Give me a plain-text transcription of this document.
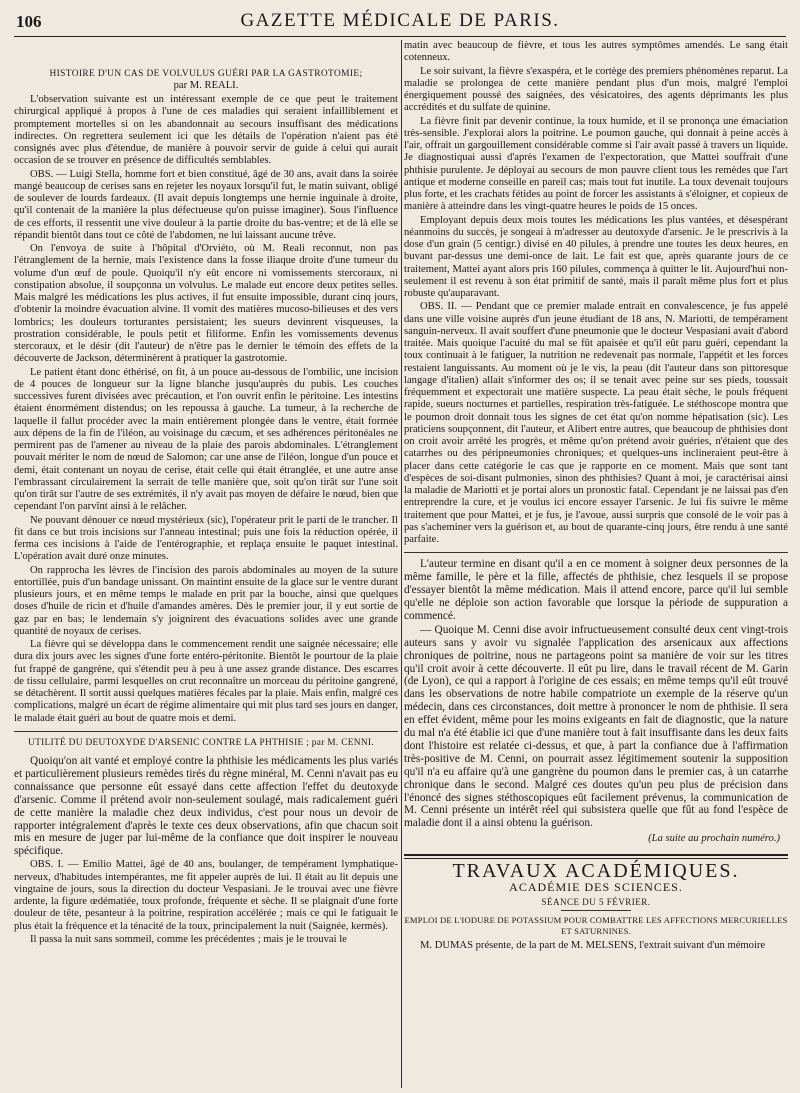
106	GAZETTE MÉDICALE DE PARIS.
HISTOIRE D'UN CAS DE VOLVULUS GUÉRI PAR LA GASTROTOMIE;
par M. REALI.

L'observation suivante est un intéressant exemple de ce que peut le traitement chirurgical appliqué à propos à l'une de ces maladies qui seraient infailliblement et promptement mortelles si on les abandonnait au secours insuffisant des médications indirectes. On regrettera seulement ici que les détails de l'opération n'aient pas été consignés avec plus d'étendue, de manière à pouvoir servir de guide à celui qui aurait occasion de se trouver en présence de difficultés semblables.

OBS. — Luigi Stella, homme fort et bien constitué, âgé de 30 ans, avait dans la soirée mangé beaucoup de cerises sans en rejeter les noyaux lorsqu'il fut, le matin suivant, obligé de soulever de lourds fardeaux. (Il avait depuis longtemps une hernie inguinale à droite, qu'il contenait de la manière la plus défectueuse qu'on puisse imaginer). Sous l'influence de ces efforts, il ressentit une vive douleur à la partie droite du bas-ventre; et de là elle se répandit bientôt dans tout ce côté de l'abdomen, ne lui laissant aucune trêve.

On l'envoya de suite à l'hôpital d'Orviéto, où M. Reali reconnut, non pas l'étranglement de la hernie, mais l'existence dans la fosse iliaque droite d'une tumeur du volume d'un œuf de poule. Quoiqu'il n'y eût encore ni vomissements stercoraux, ni constipation absolue, il soupçonna un volvulus. Le malade eut encore deux petites selles. Mais malgré les médications les plus actives, il fut ensuite impossible, durant cinq jours, d'obtenir la moindre évacuation alvine. Il vomit des matières mucoso-bilieuses et des vers lombrics; les douleurs torturantes persistaient; les sueurs devinrent visqueuses, la prostration considérable, le pouls petit et filiforme. Enfin les vomissements devenus stercoraux, et le désir (dit l'auteur) de n'être pas le dernier le témoin des effets de la découverte de Jackson, déterminèrent à pratiquer la gastrotomie.

Le patient étant donc éthérisé, on fit, à un pouce au-dessous de l'ombilic, une incision de 4 pouces de longueur sur la ligne blanche jusqu'auprès du pubis. Les couches successives furent divisées avec précaution, et l'on ouvrit enfin le péritoine. Les intestins étaient énormément distendus; on les repoussa à gauche. La tumeur, à la recherche de laquelle il fallut procéder avec la main entièrement plongée dans le ventre, était formée aux dépens de la fin de l'iléon, au voisinage du cæcum, et ses adhérences péritonéales ne permirent pas de l'amener au niveau de la plaie des parois abdominales. L'étranglement pouvait mériter le nom de nœud de Salomon; car une anse de l'iléon, longue d'un pouce et demi, était contenant un noyau de cerise, était celle qui était étranglée, et une autre anse l'embrassant circulairement la serrait de telle manière que, soit qu'on tirât sur l'une soit qu'on tirât sur l'autre de ses extrémités, il n'y avait pas moyen de défaire le nœud, bien que cependant l'on parvînt ainsi à le relâcher.

Ne pouvant dénouer ce nœud mystérieux (sic), l'opérateur prit le parti de le trancher. Il fit dans ce but trois incisions sur l'anneau intestinal; puis une fois la réduction opérée, il ferma ces incisions à l'aide de l'entérographie, et replaça ensuite le paquet intestinal. L'opération avait duré onze minutes.

On rapprocha les lèvres de l'incision des parois abdominales au moyen de la suture entortillée, puis d'un bandage unissant. On maintint ensuite de la glace sur le ventre durant plusieurs jours, et en même temps le malade en prit par la bouche, ainsi que quelques doses d'huile de ricin et d'huile d'amandes amères. Dès le premier jour, il y eut sortie de gaz par en bas; le lendemain s'y joignirent des évacuations solides avec une grande quantité de noyaux de cerises.

La fièvre qui se développa dans le commencement rendit une saignée nécessaire; elle dura dix jours avec les signes d'une forte entéro-péritonite. Bientôt le pourtour de la plaie fut frappé de gangrène, qui s'étendit peu à peu à une assez grande distance. Des escarres de tissu cellulaire, parmi lesquelles on crut reconnaître un morceau du péritoine gangrené, se détachèrent. Il sortit aussi quelques matières fécales par la plaie. Mais enfin, malgré ces complications, malgré un écart de régime alimentaire qui mit plus tard ses jours en danger, le malade était guéri au bout de quatre mois et demi.

UTILITÉ DU DEUTOXYDE D'ARSENIC CONTRE LA PHTHISIE ; par M. CENNI.

Quoiqu'on ait vanté et employé contre la phthisie les médicaments les plus variés et particulièrement plusieurs remèdes tirés du règne minéral, M. Cenni n'avait pas eu connaissance que personne eût essayé dans cette affection l'effet du deutoxyde d'arsenic. Comme il prétend avoir non-seulement soulagé, mais radicalement guéri de cette manière la maladie chez deux individus, c'est pour nous un devoir de rapporter intégralement d'après le texte ces deux observations, afin que chacun soit mis en mesure de juger par lui-même de la confiance que doit inspirer le nouveau spécifique.

OBS. I. — Emilio Mattei, âgé de 40 ans, boulanger, de tempérament lymphatique-nerveux, d'habitudes intempérantes, me fit appeler auprès de lui. Il était au lit depuis une vingtaine de jours, sous la direction du docteur Vespasiani. Je le trouvai avec une fièvre ardente, la figure œdématiée, toux profonde, fréquente et sèche. Il se plaignait d'une forte douleur de tête, pesanteur à la poitrine, respiration accélérée ; mais ce qui le fatiguait le plus était la fréquence et la ténacité de la toux, principalement la nuit (Saignée, kermès).

Il passa la nuit sans sommeil, comme les précédentes ; mais je le trouvai le

matin avec beaucoup de fièvre, et tous les autres symptômes amendés. Le sang était cotenneux.

Le soir suivant, la fièvre s'exaspéra, et le cortège des premiers phénomènes reparut. La maladie se prolongea de cette manière pendant plus d'un mois, malgré l'emploi énergiquement poussé des saignées, des vésicatoires, des agents déprimants les plus accrédités et du sulfate de quinine.

La fièvre finit par devenir continue, la toux humide, et il se prononça une émaciation très-sensible. J'explorai alors la poitrine. Le poumon gauche, qui donnait à peine accès à l'air, offrait un gargouillement considérable comme si l'air avait passé à travers un liquide. Je diagnostiquai aussi d'après l'examen de l'expectoration, que Mattei souffrait d'une phthisie purulente. Je déployai au secours de mon pauvre client tous les remèdes que l'art antique et moderne conseille en pareil cas; mais tout fut inutile. La toux devenait toujours plus forte, et les crachats fétides au point de forcer les assistants à s'éloigner, et copieux de manière à atteindre dans les vingt-quatre heures le poids de 15 onces.

Employant depuis deux mois toutes les médications les plus vantées, et désespérant néanmoins du succès, je songeai à m'adresser au deutoxyde d'arsenic. Je le prescrivis à la dose d'un grain (5 centigr.) divisé en 40 pilules, à prendre une toutes les deux heures, en buvant par-dessus une demi-once de lait. Le fait est que, après quarante jours de ce traitement, Mattei ayant alors pris 160 pilules, commença à quitter le lit. Aujourd'hui non-seulement il est revenu à son état primitif de santé, mais il paraît même plus fort et plus robuste qu'auparavant.

OBS. II. — Pendant que ce premier malade entrait en convalescence, je fus appelé dans une ville voisine auprès d'un jeune étudiant de 18 ans, N. Mariotti, de tempérament sanguin-nerveux. Il avait souffert d'une pneumonie que le docteur Vespasiani avait d'abord traitée. Mais quoique l'acuité du mal se fût apaisée et qu'il eût paru guéri, cependant la toux continuait à le fatiguer, la nutrition ne redevenait pas normale, l'appétit et les forces restaient languissants. Au moment où je le vis, la peau (dit l'auteur dans son pittoresque langage d'italien) allait s'informer des os; il se tenait avec peine sur ses pieds, toussait fréquemment et expectorait une matière suspecte. La peau était sèche, le pouls fréquent rapide, sueurs nocturnes et partielles, respiration très-fatiguée. Le stéthoscope montra que le poumon droit donnait tous les signes de cet état qu'on nomme hépatisation (sic). Les praticiens soupçonnent, dit l'auteur, et Alibert entre autres, que beaucoup de phthisies dont on croit avoir arrêté les progrès, et même qu'on prétend avoir guéries, n'étaient que des catarrhes ou des péripneumonies chroniques; et quelques-uns inclineraient peut-être à placer dans cette catégorie le cas que je rapporte en ce moment. Mais que sont tant d'espèces de soi-disant pulmonies, sinon des phthisies? Quant à moi, je caractérisai ainsi la maladie de Mariotti et je portai alors un pronostic fatal. Cependant je ne laissai pas d'en entreprendre la cure, et je voulus ici encore essayer l'arsenic. Je lui fis suivre le même traitement que pour Mattei, et je fus, je l'avoue, aussi surpris que consolé de le voir pas à pas s'acheminer vers la guérison et, au bout de quarante-cinq jours, être rendu à une santé parfaite.

L'auteur termine en disant qu'il a en ce moment à soigner deux personnes de la même famille, le père et la fille, affectés de phthisie, chez lesquels il se propose d'essayer bientôt la même médication. Mais il attend encore, parce qu'il lui semble qu'elle ne déploie son action favorable que lorsque la période de suppuration a commencé.

— Quoique M. Cenni dise avoir infructueusement consulté deux cent vingt-trois auteurs sans y avoir vu signalée l'application des arsenicaux aux affections chroniques de poitrine, nous ne partageons point sa manière de voir sur les titres qu'il croit avoir à cette découverte. Il eût pu lire, dans le travail récent de M. Garin (de Lyon), ce qui a rapport à l'origine de ces essais; en même temps qu'il eût trouvé dans les observations de notre habile compatriote un exemple de la réserve qu'un médecin, dans ces circonstances, doit mettre à prononcer le nom de phthisie. Il sera en effet évident, même pour les moins exigeants en fait de diagnostic, que la nature du mal n'a été établie ici que d'une manière tout à fait insuffisante dans les deux faits dont l'histoire est relatée ci-dessus, et que, à part la confiance due à l'affirmation très-positive de M. Cenni, on pourrait assez légitimement soutenir la supposition qu'il n'a eu affaire qu'à une gangrène du poumon dans le premier cas, à un catarrhe chronique dans le second. Malgré ces doutes qu'un peu plus de précision dans l'énoncé des signes stéthoscopiques eût facilement prévenus, la communication de M. Cenni présente un intérêt réel qui subsistera quelle que fût au fond l'espèce de maladie dont il a ainsi obtenu la guérison.

(La suite au prochain numéro.)
TRAVAUX ACADÉMIQUES.
ACADÉMIE DES SCIENCES.
SÉANCE DU 5 FÉVRIER.
EMPLOI DE L'IODURE DE POTASSIUM POUR COMBATTRE LES AFFECTIONS MERCURIELLES ET SATURNINES.

M. DUMAS présente, de la part de M. MELSENS, l'extrait suivant d'un mémoire
